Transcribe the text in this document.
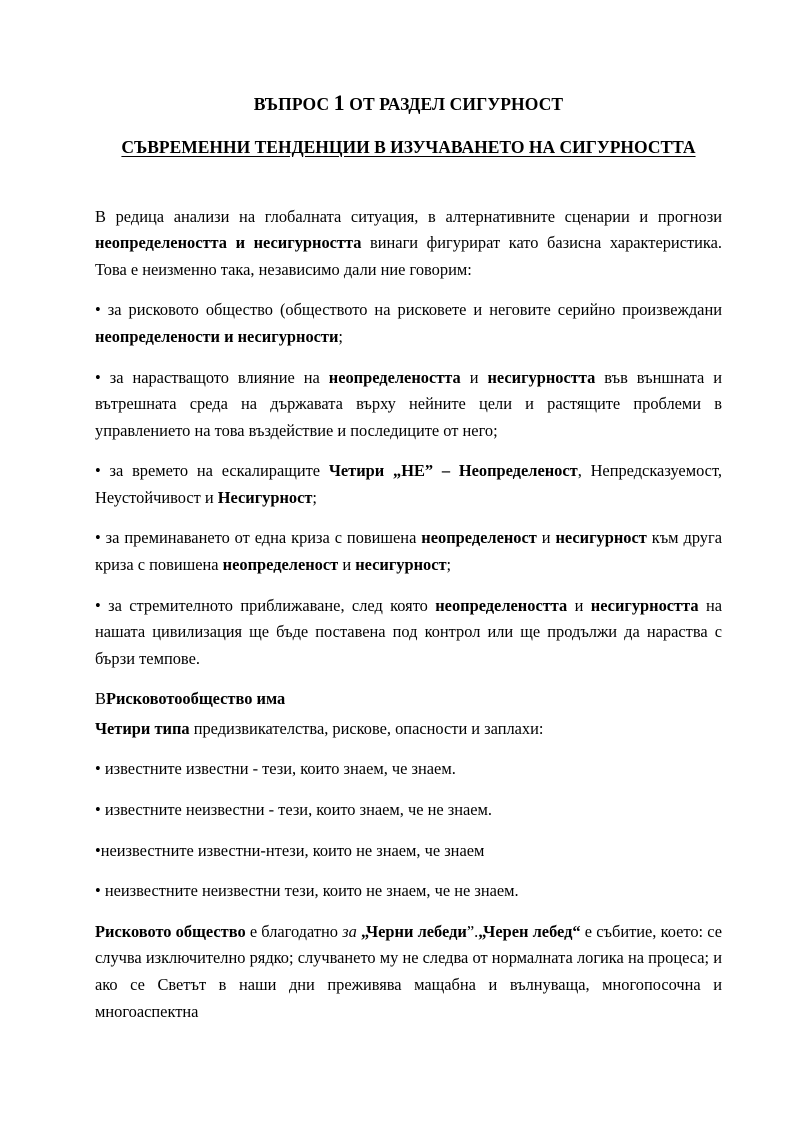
ВЪПРОС 1 ОТ РАЗДЕЛ СИГУРНОСТ
СЪВРЕМЕННИ ТЕНДЕНЦИИ В ИЗУЧАВАНЕТО НА СИГУРНОСТТА

В редица анализи на глобалната ситуация, в алтернативните сценарии и прогнози неопределеността и несигурността винаги фигурират като базисна характеристика. Това е неизменно така, независимо дали ние говорим:

• за рисковото общество (обществото на рисковете и неговите серийно произвеждани неопределености и несигурности;

• за нарастващото влияние на неопределеността и несигурността във външната и вътрешната среда на държавата върху нейните цели и растящите проблеми в управлението на това въздействие и последиците от него;

• за времето на ескалиращите Четири „НЕ” – Неопределеност, Непредсказуемост, Неустойчивост и Несигурност;

• за преминаването от една криза с повишена неопределеност и несигурност към друга криза с повишена неопределеност и несигурност;

• за стремителното приближаване, след която неопределеността и несигурността на нашата цивилизация ще бъде поставена под контрол или ще продължи да нараства с бързи темпове.

ВРисковотообщество има

Четири типа предизвикателства, рискове, опасности и заплахи:

• известните известни - тези, които знаем, че знаем.

• известните неизвестни - тези, които знаем, че не знаем.

•неизвестните известни-нтези, които не знаем, че знаем

• неизвестните неизвестни тези, които не знаем, че не знаем.

Рисковото общество е благодатно за „Черни лебеди”.„Черен лебед“ е събитие, което: се случва изключително рядко; случването му не следва от нормалната логика на процеса; и ако се Светът в наши дни преживява мащабна и вълнуваща, многопосочна и многоаспектна
